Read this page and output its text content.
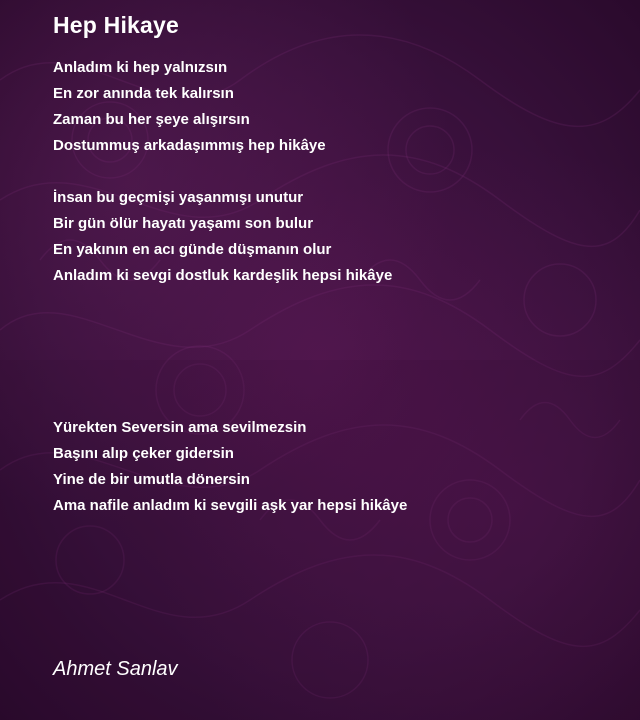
Hep Hikaye
Anladım ki hep yalnızsın
En zor anında tek kalırsın
Zaman bu her şeye alışırsın
Dostummuş arkadaşımmış hep hikâye
İnsan bu geçmişi yaşanmışı unutur
Bir gün ölür hayatı yaşamı son bulur
En yakının en acı günde düşmanın olur
Anladım ki sevgi dostluk kardeşlik hepsi hikâye
Yürekten Seversin ama sevilmezsin
Başını alıp çeker gidersin
Yine de bir umutla dönersin
Ama nafile anladım ki sevgili aşk yar hepsi hikâye

Ahmet Sanlav
